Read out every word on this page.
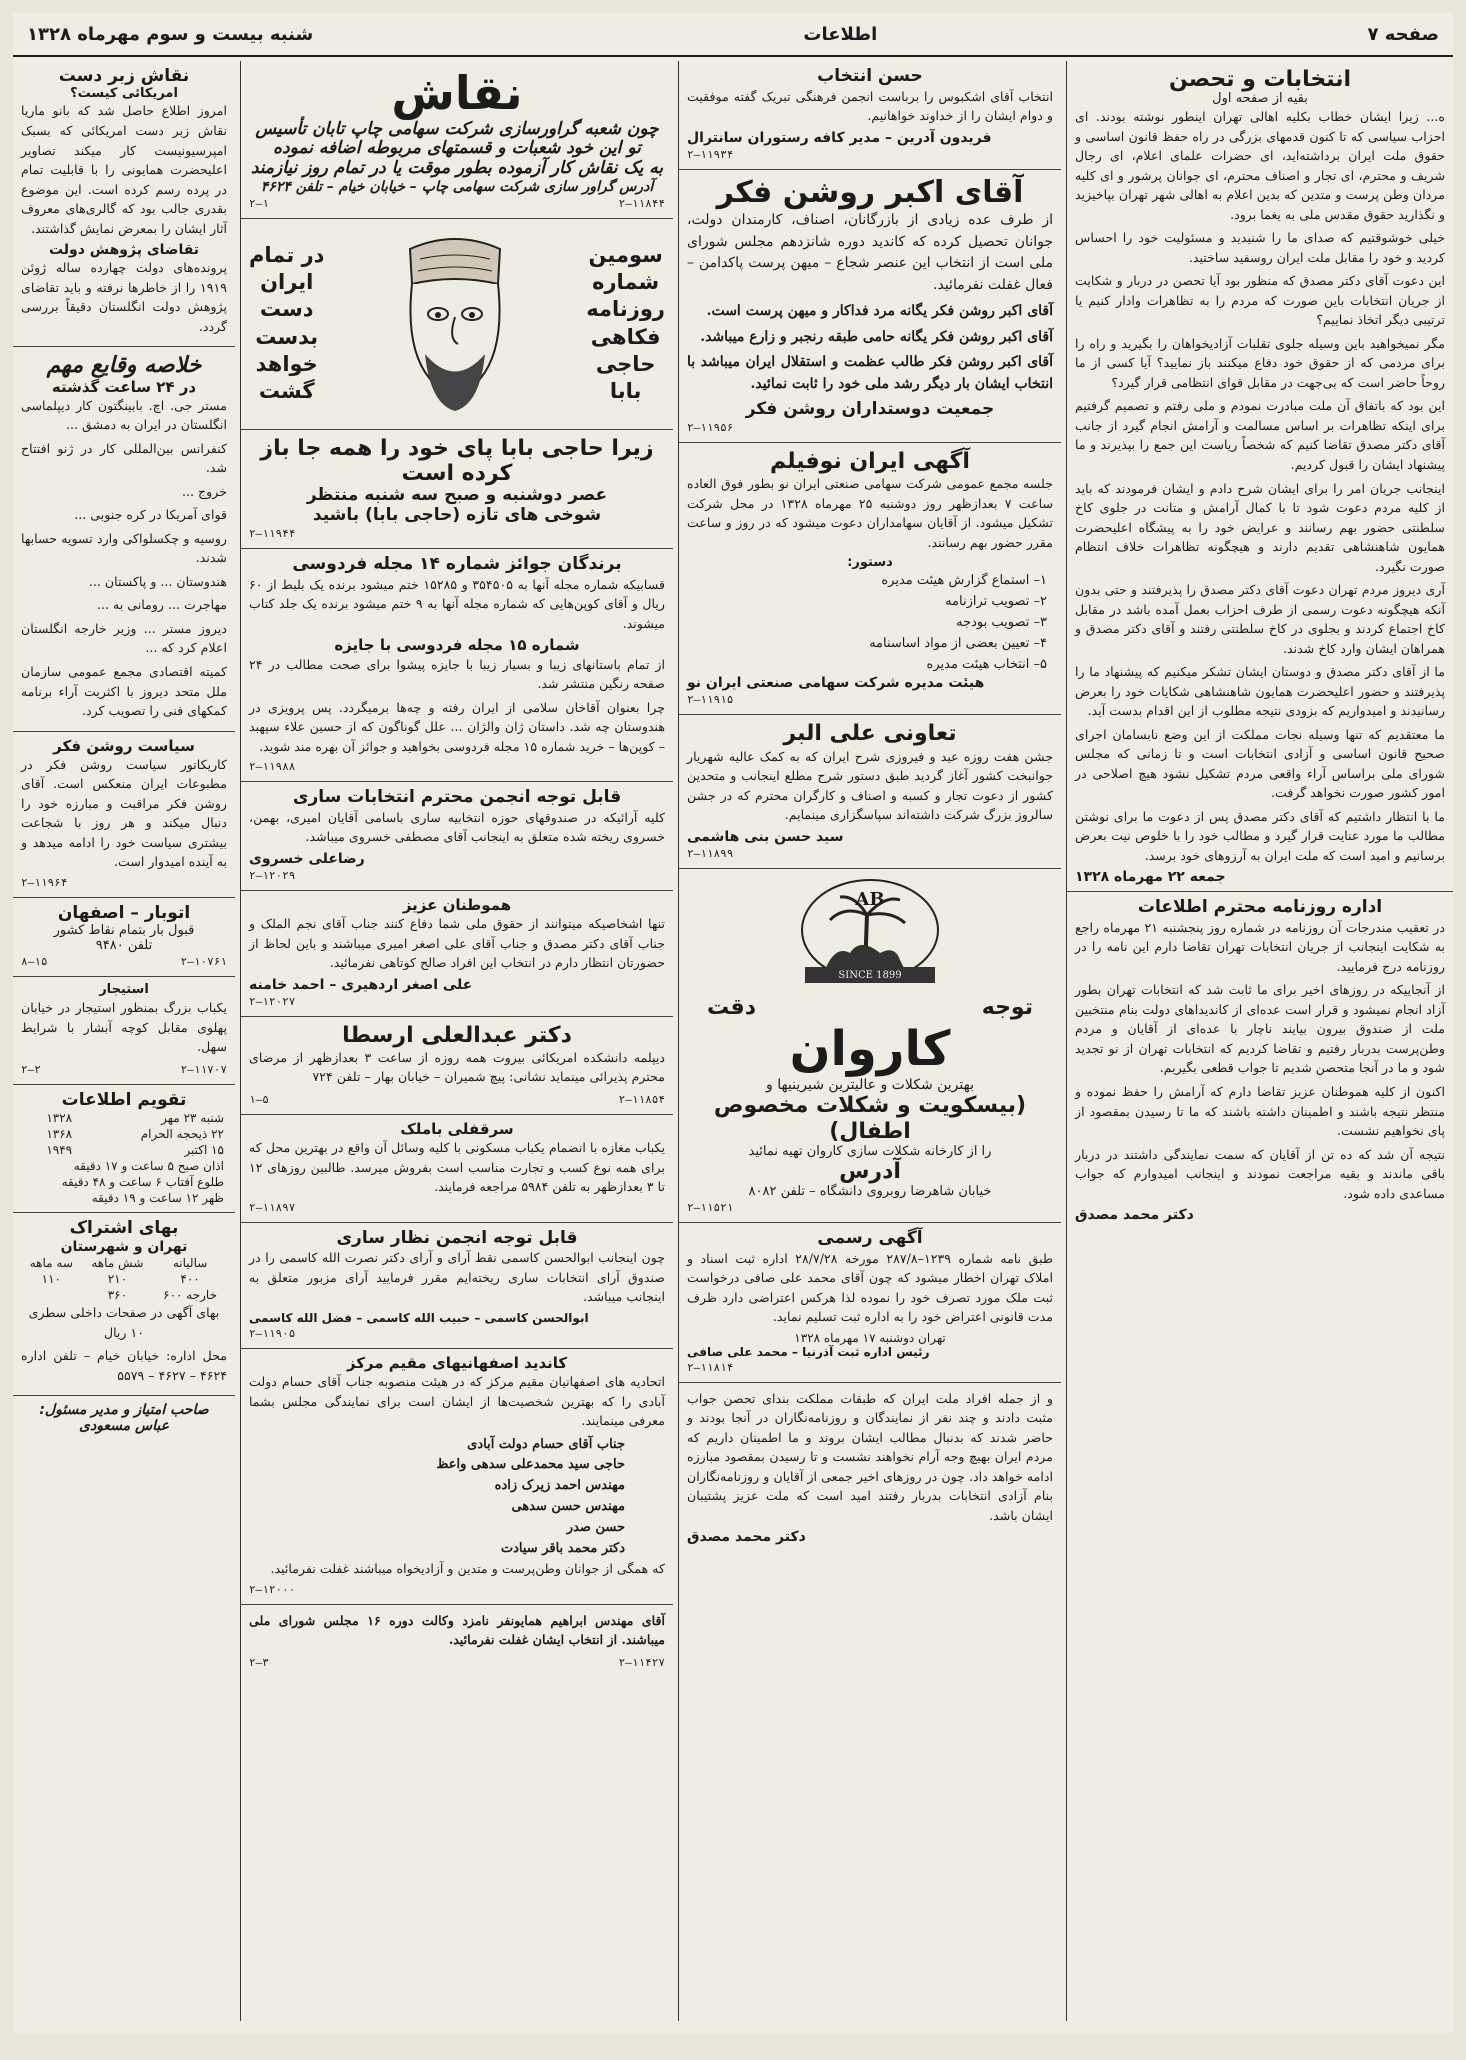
صفحه ۷
اطلاعات
شنبه بیست و سوم مهرماه ۱۳۲۸
انتخابات و تحصن
بقیه از صفحه اول

ه... زیرا ایشان خطاب بکلیه اهالی تهران اینطور نوشته بودند. ای احزاب سیاسی که تا کنون قدمهای بزرگی در راه حفظ قانون اساسی و حقوق ملت ایران برداشته‌اید، ای حضرات علمای اعلام، ای رجال شریف و محترم، ای تجار و اصناف محترم، ای جوانان پرشور و ای کلیه مردان وطن پرست و متدین که بدین اعلام به اهالی شهر تهران بپاخیزید و نگذارید حقوق مقدس ملی به یغما برود.

خیلی خوشوقتیم که صدای ما را شنیدید و مسئولیت خود را احساس کردید و خود را مقابل ملت ایران روسفید ساختید.

این دعوت آقای دکتر مصدق که منظور بود آیا تحصن در دربار و شکایت از جریان انتخابات باین صورت که مردم را به تظاهرات وادار کنیم یا ترتیبی دیگر اتخاذ نماییم؟

مگر نمیخواهید باین وسیله جلوی تقلبات آزادیخواهان را بگیرید و راه را برای مردمی که از حقوق خود دفاع میکنند باز نمایید؟ آیا کسی از ما روحاً حاضر است که بی‌جهت در مقابل قوای انتظامی قرار گیرد؟

این بود که باتفاق آن ملت مبادرت نمودم و ملی رفتم و تصمیم گرفتیم برای اینکه تظاهرات بر اساس مسالمت و آرامش انجام گیرد از جانب آقای دکتر مصدق تقاضا کنیم که شخصاً ریاست این جمع را بپذیرند و ما پیشنهاد ایشان را قبول کردیم.

اینجانب جریان امر را برای ایشان شرح دادم و ایشان فرمودند که باید از کلیه مردم دعوت شود تا با کمال آرامش و متانت در جلوی کاخ سلطنتی حضور بهم رسانند و عرایض خود را به پیشگاه اعلیحضرت همایون شاهنشاهی تقدیم دارند و هیچگونه تظاهرات خلاف انتظام صورت نگیرد.

آری دیروز مردم تهران دعوت آقای دکتر مصدق را پذیرفتند و حتی بدون آنکه هیچگونه دعوت رسمی از طرف احزاب بعمل آمده باشد در مقابل کاخ اجتماع کردند و بجلوی در کاخ سلطنتی رفتند و آقای دکتر مصدق و همراهان ایشان وارد کاخ شدند.

ما از آقای دکتر مصدق و دوستان ایشان تشکر میکنیم که پیشنهاد ما را پذیرفتند و حضور اعلیحضرت همایون شاهنشاهی شکایات خود را بعرض رسانیدند و امیدواریم که بزودی نتیجه مطلوب از این اقدام بدست آید.

ما معتقدیم که تنها وسیله نجات مملکت از این وضع نابسامان اجرای صحیح قانون اساسی و آزادی انتخابات است و تا زمانی که مجلس شورای ملی براساس آراء واقعی مردم تشکیل نشود هیچ اصلاحی در امور کشور صورت نخواهد گرفت.

ما با انتظار داشتیم که آقای دکتر مصدق پس از دعوت ما برای نوشتن مطالب ما مورد عنایت قرار گیرد و مطالب خود را با خلوص نیت بعرض برسانیم و امید است که ملت ایران به آرزوهای خود برسد.

جمعه ۲۲ مهرماه ۱۳۲۸
اداره روزنامه محترم اطلاعات

در تعقیب مندرجات آن روزنامه در شماره روز پنجشنبه ۲۱ مهرماه راجع به شکایت اینجانب از جریان انتخابات تهران تقاضا دارم این نامه را در روزنامه درج فرمایید.

از آنجاییکه در روزهای اخیر برای ما ثابت شد که انتخابات تهران بطور آزاد انجام نمیشود و قرار است عده‌ای از کاندیداهای دولت بنام منتخبین ملت از صندوق بیرون بیایند ناچار با عده‌ای از آقایان و مردم وطن‌پرست بدربار رفتیم و تقاضا کردیم که انتخابات تهران از نو تجدید شود و ما در آنجا متحصن شدیم تا جواب قطعی بگیریم.

اکنون از کلیه هموطنان عزیز تقاضا دارم که آرامش را حفظ نموده و منتظر نتیجه باشند و اطمینان داشته باشند که ما تا رسیدن بمقصود از پای نخواهیم نشست.

نتیجه آن شد که ده تن از آقایان که سمت نمایندگی داشتند در دربار باقی ماندند و بقیه مراجعت نمودند و اینجانب امیدوارم که جواب مساعدی داده شود.

دکتر محمد مصدق
حسن انتخاب

انتخاب آقای اشکبوس را برباست انجمن فرهنگی تبریک گفته موفقیت و دوام ایشان را از خداوند خواهانیم.

فریدون آدرین – مدیر کافه رستوران سانترال
۲–۱۱۹۳۴
آقای اکبر روشن فکر

از طرف عده زیادی از بازرگانان، اصناف، کارمندان دولت، جوانان تحصیل کرده که کاندید دوره شانزدهم مجلس شورای ملی است از انتخاب این عنصر شجاع – میهن پرست پاکدامن – فعال غفلت نفرمائید.

آقای اکبر روشن فکر یگانه مرد فداکار و میهن پرست است.

آقای اکبر روشن فکر یگانه حامی طبقه رنجبر و زارع میباشد.

آقای اکبر روشن فکر طالب عظمت و استقلال ایران میباشد با انتخاب ایشان بار دیگر رشد ملی خود را ثابت نمائید.

جمعیت دوستداران روشن فکر
۲–۱۱۹۵۶
آگهی ایران نوفیلم

جلسه مجمع عمومی شرکت سهامی صنعتی ایران نو بطور فوق العاده ساعت ۷ بعدازظهر روز دوشنبه ۲۵ مهرماه ۱۳۲۸ در محل شرکت تشکیل میشود. از آقایان سهامداران دعوت میشود که در روز و ساعت مقرر حضور بهم رسانند.

دستور:
۱– استماع گزارش هیئت مدیره
۲– تصویب ترازنامه
۳– تصویب بودجه
۴– تعیین بعضی از مواد اساسنامه
۵– انتخاب هیئت مدیره
هیئت مدیره شرکت سهامی صنعتی ایران نو
۲–۱۱۹۱۵
تعاونی علی البر

جشن هفت روزه عید و فیروزی شرح ایران که به کمک عالیه شهریار جوانبخت کشور آغاز گردید طبق دستور شرح مطلع اینجانب و متحدین کشور از دعوت تجار و کسبه و اصناف و کارگران محترم که در جشن سالروز بزرگ شرکت داشته‌اند سپاسگزاری مینمایم.

سید حسن بنی هاشمی
۲–۱۱۸۹۹
AB
SINCE 1899
توجه
دقت
کاروان
بهترین شکلات و عالیترین شیرینیها و
(بیسکویت و شکلات مخصوص اطفال)
را از کارخانه شکلات سازی کاروان تهیه نمائید
آدرس
خیابان شاهرضا روبروی دانشگاه – تلفن ۸۰۸۲
۲–۱۱۵۲۱
آگهی رسمی

طبق نامه شماره ۱۲۳۹–۲۸۷/۸ مورخه ۲۸/۷/۲۸ اداره ثبت اسناد و املاک تهران اخطار میشود که چون آقای محمد علی صافی درخواست ثبت ملک مورد تصرف خود را نموده لذا هرکس اعتراضی دارد ظرف مدت قانونی اعتراض خود را به اداره ثبت تسلیم نماید.

تهران دوشنبه ۱۷ مهرماه ۱۳۲۸
رئیس اداره ثبت آذرنیا – محمد علی صافی
۲–۱۱۸۱۴

و از جمله افراد ملت ایران که طبقات مملکت بندای تحصن جواب مثبت دادند و چند نفر از نمایندگان و روزنامه‌نگاران در آنجا بودند و حاضر شدند که بدنبال مطالب ایشان بروند و ما اطمینان داریم که مردم ایران بهیچ وجه آرام نخواهند نشست و تا رسیدن بمقصود مبارزه ادامه خواهد داد. چون در روزهای اخیر جمعی از آقایان و روزنامه‌نگاران بنام آزادی انتخابات بدربار رفتند امید است که ملت عزیز پشتیبان ایشان باشد.

دکتر محمد مصدق
نقاش
چون شعبه گراورسازی شرکت سهامی چاپ تابان تأسیس
تو این خود شعبات و قسمتهای مربوطه اضافه نموده
به یک نقاش کار آزموده بطور موقت یا در تمام روز نیازمند
آدرس گراور سازی شرکت سهامی چاپ – خیابان خیام – تلفن ۴۶۲۴
۲–۱۱۸۴۴
۲–۱
سومین
شماره
روزنامه
فکاهی
حاجی
بابا
در تمام
ایران
دست
بدست
خواهد
گشت
زیرا حاجی بابا پای خود را همه جا باز کرده است
عصر دوشنبه و صبح سه شنبه منتظر
شوخی های تازه (حاجی بابا) باشید
۲–۱۱۹۴۴
برندگان جوائز شماره ۱۴ مجله فردوسی

قسابیکه شماره مجله آنها به ۳۵۴۵۰۵ و ۱۵۲۸۵ ختم میشود برنده یک بلیط از ۶۰ ریال و آقای کوپن‌هایی که شماره مجله آنها به ۹ ختم میشود برنده یک جلد کتاب میشوند.

شماره ۱۵ مجله فردوسی با جایزه

از تمام باستانهای زیبا و بسیار زیبا با جایزه پیشوا برای صحت مطالب در ۲۴ صفحه رنگین منتشر شد.

چرا بعنوان آقاخان سلامی از ایران رفته و چه‌ها برمیگردد. پس پرویزی در هندوستان چه شد. داستان ژان والژان ... علل گوناگون که از حسین علاء سپهبد – کوپن‌ها – خرید شماره ۱۵ مجله فردوسی بخواهید و جوائز آن بهره مند شوید.

۲–۱۱۹۸۸
قابل توجه انجمن محترم انتخابات ساری

کلیه آرائیکه در صندوقهای حوزه انتخابیه ساری باسامی آقایان امیری، بهمن، خسروی ریخته شده متعلق به اینجانب آقای مصطفی خسروی میباشد.

رضاعلی خسروی
۲–۱۲۰۲۹
هموطنان عزیز

تنها اشخاصیکه میتوانند از حقوق ملی شما دفاع کنند جناب آقای نجم الملک و جناب آقای دکتر مصدق و جناب آقای علی اصغر امیری میباشند و باین لحاظ از حضورتان انتظار دارم در انتخاب این افراد صالح کوتاهی نفرمائید.

علی اصغر اردهیری – احمد خامنه
۲–۱۲۰۲۷
دکتر عبدالعلی ارسطا

دیپلمه دانشکده امریکائی بیروت همه روزه از ساعت ۳ بعدازظهر از مرضای محترم پذیرائی مینماید نشانی: پیچ شمیران – خیابان بهار – تلفن ۷۲۴

۲–۱۱۸۵۴
۱–۵
سرقفلی باملک

یکباب مغازه با انضمام یکباب مسکونی با کلیه وسائل آن واقع در بهترین محل که برای همه نوع کسب و تجارت مناسب است بفروش میرسد. طالبین روزهای ۱۲ تا ۳ بعدازظهر به تلفن ۵۹۸۴ مراجعه فرمایند.

۲–۱۱۸۹۷
قابل توجه انجمن نظار ساری

چون اینجانب ابوالحسن کاسمی نقط آرای و آرای دکتر نصرت الله کاسمی را در صندوق آرای انتخابات ساری ریخته‌ایم مقرر فرمایید آرای مزبور متعلق به اینجانب میباشد.

ابوالحسن کاسمی – حبیب الله کاسمی – فضل الله کاسمی
۲–۱۱۹۰۵
کاندید اصفهانیهای مقیم مرکز

اتحادیه های اصفهانیان مقیم مرکز که در هیئت منصوبه جناب آقای حسام دولت آبادی را که بهترین شخصیت‌ها از ایشان است برای نمایندگی مجلس بشما معرفی مینمایند.

جناب آقای حسام دولت آبادی
حاجی سید محمدعلی سدهی واعظ
مهندس احمد زیرک زاده
مهندس حسن سدهی
حسن صدر
دکتر محمد باقر سیادت

که همگی از جوانان وطن‌پرست و متدین و آزادیخواه میباشند غفلت نفرمائید.

۲–۱۲۰۰۰

آقای مهندس ابراهیم همایونفر نامزد وکالت دوره ۱۶ مجلس شورای ملی میباشند. از انتخاب ایشان غفلت نفرمائید.

۲–۱۱۴۲۷
۲–۳
نقاش زبر دست
امریکائی کیست؟

امروز اطلاع حاصل شد که بانو ماریا نقاش زبر دست امریکائی که بسبک امپرسیونیست کار میکند تصاویر اعلیحضرت همایونی را با قابلیت تمام در پرده رسم کرده است. این موضوع بقدری جالب بود که گالری‌های معروف آثار ایشان را بمعرض نمایش گذاشتند.

تقاضای پژوهش دولت

پرونده‌های دولت چهارده ساله ژوئن ۱۹۱۹ را از خاطرها نرفته و باید تقاضای پژوهش دولت انگلستان دقیقاً بررسی گردد.

خلاصه وقایع مهم
در ۲۴ ساعت گذشته

مستر جی. اچ. بابینگتون کار دیپلماسی انگلستان در ایران به دمشق ...

کنفرانس بین‌المللی کار در ژنو افتتاح شد.

خروج ...

قوای آمریکا در کره جنوبی ...

روسیه و چکسلواکی وارد تسویه حسابها شدند.

هندوستان ... و پاکستان ...

مهاجرت ... رومانی به ...

دیروز مستر ... وزیر خارجه انگلستان اعلام کرد که ...

کمیته اقتصادی مجمع عمومی سازمان ملل متحد دیروز با اکثریت آراء برنامه کمکهای فنی را تصویب کرد.

سیاست روشن فکر

کاریکاتور سیاست روشن فکر در مطبوعات ایران منعکس است. آقای روشن فکر مراقبت و مبارزه خود را دنبال میکند و هر روز با شجاعت بیشتری سیاست خود را ادامه میدهد و به آینده امیدوار است.

۲–۱۱۹۶۴
اتوبار – اصفهان
قبول بار بتمام نقاط کشور
تلفن ۹۴۸۰
۲–۱۰۷۶۱
۸–۱۵
استیجار

یکباب بزرگ بمنظور استیجار در خیابان پهلوی مقابل کوچه آبشار با شرایط سهل.

۲–۱۱۷۰۷
۲–۲
تقویم اطلاعات
شنبه ۲۳ مهر	۱۳۲۸
۲۲ ذیحجه الحرام	۱۳۶۸
۱۵ اکتبر	۱۹۴۹
اذان صبح ۵ ساعت و ۱۷ دقیقه	
طلوع آفتاب ۶ ساعت و ۴۸ دقیقه	
ظهر ۱۲ ساعت و ۱۹ دقیقه	
بهای اشتراک
تهران و شهرستان
ساليانه	شش ماهه	سه ماهه
۴۰۰	۲۱۰	۱۱۰
خارجه ۶۰۰	۳۶۰	

بهای آگهی در صفحات داخلی سطری ۱۰ ریال

محل اداره: خیابان خیام – تلفن اداره ۴۶۲۴ – ۴۶۲۷ – ۵۵۷۹

صاحب امتیاز و مدیر مسئول: عباس مسعودی
